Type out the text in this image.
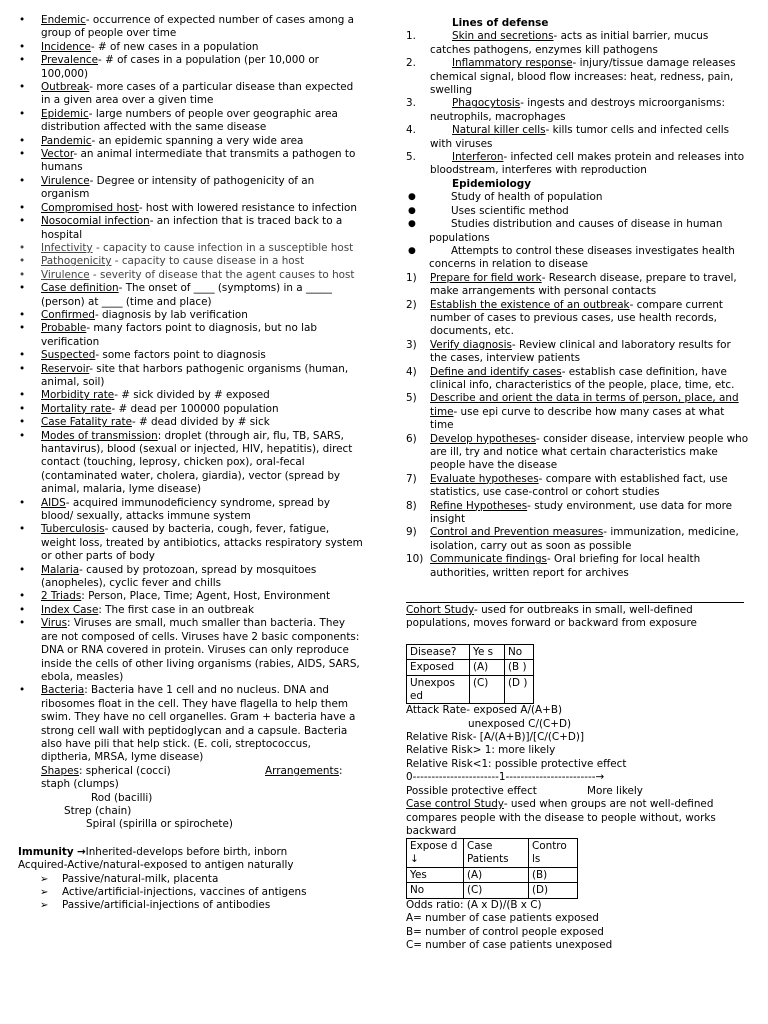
• Endemic- occurrence of expected number of cases among a group of people over time
• Incidence- # of new cases in a population
• Prevalence- # of cases in a population (per 10,000 or 100,000)
• Outbreak- more cases of a particular disease than expected in a given area over a given time
• Epidemic- large numbers of people over geographic area distribution affected with the same disease
• Pandemic- an epidemic spanning a very wide area
• Vector- an animal intermediate that transmits a pathogen to humans
• Virulence- Degree or intensity of pathogenicity of an organism
• Compromised host- host with lowered resistance to infection
• Nosocomial infection- an infection that is traced back to a hospital
• Infectivity - capacity to cause infection in a susceptible host
• Pathogenicity - capacity to cause disease in a host
• Virulence - severity of disease that the agent causes to host
• Case definition- The onset of ____ (symptoms) in a _____ (person) at ____ (time and place)
• Confirmed- diagnosis by lab verification
• Probable- many factors point to diagnosis, but no lab verification
• Suspected- some factors point to diagnosis
• Reservoir- site that harbors pathogenic organisms (human, animal, soil)
• Morbidity rate- # sick divided by # exposed
• Mortality rate- # dead per 100000 population
• Case Fatality rate- # dead divided by # sick
• Modes of transmission: droplet (through air, flu, TB, SARS, hantavirus), blood (sexual or injected, HIV, hepatitis), direct contact (touching, leprosy, chicken pox), oral-fecal (contaminated water, cholera, giardia), vector (spread by animal, malaria, lyme disease)
• AIDS- acquired immunodeficiency syndrome, spread by blood/ sexually, attacks immune system
• Tuberculosis- caused by bacteria, cough, fever, fatigue, weight loss, treated by antibiotics, attacks respiratory system or other parts of body
• Malaria- caused by protozoan, spread by mosquitoes (anopheles), cyclic fever and chills
• 2 Triads: Person, Place, Time; Agent, Host, Environment
• Index Case: The first case in an outbreak
• Virus: Viruses are small, much smaller than bacteria. They are not composed of cells. Viruses have 2 basic components: DNA or RNA covered in protein. Viruses can only reproduce inside the cells of other living organisms (rabies, AIDS, SARS, ebola, measles)
• Bacteria: Bacteria have 1 cell and no nucleus. DNA and ribosomes float in the cell. They have flagella to help them swim. They have no cell organelles. Gram + bacteria have a strong cell wall with peptidoglycan and a capsule. Bacteria also have pili that help stick. (E. coli, streptococcus, diptheria, MRSA, lyme disease)
Shapes: spherical (cocci)	Arrangements:
staph (clumps)
Rod (bacilli)
Strep (chain)
Spiral (spirilla or spirochete)
Immunity →Inherited-develops before birth, inborn
Acquired-Active/natural-exposed to antigen naturally
➢ Passive/natural-milk, placenta
➢ Active/artificial-injections, vaccines of antigens
➢ Passive/artificial-injections of antibodies
Lines of defense
1.	Skin and secretions- acts as initial barrier, mucus catches pathogens, enzymes kill pathogens
2.	Inflammatory response- injury/tissue damage releases chemical signal, blood flow increases: heat, redness, pain, swelling
3.	Phagocytosis- ingests and destroys microorganisms: neutrophils, macrophages
4.	Natural killer cells- kills tumor cells and infected cells with viruses
5.	Interferon- infected cell makes protein and releases into bloodstream, interferes with reproduction
Epidemiology
● Study of health of population
● Uses scientific method
● Studies distribution and causes of disease in human populations
● Attempts to control these diseases investigates health concerns in relation to disease
1) Prepare for field work- Research disease, prepare to travel, make arrangements with personal contacts
2) Establish the existence of an outbreak- compare current number of cases to previous cases, use health records, documents, etc.
3) Verify diagnosis- Review clinical and laboratory results for the cases, interview patients
4) Define and identify cases- establish case definition, have clinical info, characteristics of the people, place, time, etc.
5) Describe and orient the data in terms of person, place, and time- use epi curve to describe how many cases at what time
6) Develop hypotheses- consider disease, interview people who are ill, try and notice what certain characteristics make people have the disease
7) Evaluate hypotheses- compare with established fact, use statistics, use case-control or cohort studies
8) Refine Hypotheses- study environment, use data for more insight
9) Control and Prevention measures- immunization, medicine, isolation, carry out as soon as possible
10) Communicate findings- Oral briefing for local health authorities, written report for archives
Cohort Study- used for outbreaks in small, well-defined populations, moves forward or backward from exposure
Disease?	Ye s	No
Exposed	(A)	(B )
Unexpos ed	(C)	(D )
Attack Rate- exposed A/(A+B)
unexposed C/(C+D)
Relative Risk- [A/(A+B)]/[C/(C+D)]
Relative Risk> 1: more likely
Relative Risk<1: possible protective effect
0-----------------------1------------------------→
Possible protective effect	More likely
Case control Study- used when groups are not well-defined compares people with the disease to people without, works backward
Expose d ↓	Case Patients	Contro ls
Yes	(A)	(B)
No	(C)	(D)
Odds ratio: (A x D)/(B x C)
A= number of case patients exposed
B= number of control people exposed
C= number of case patients unexposed
